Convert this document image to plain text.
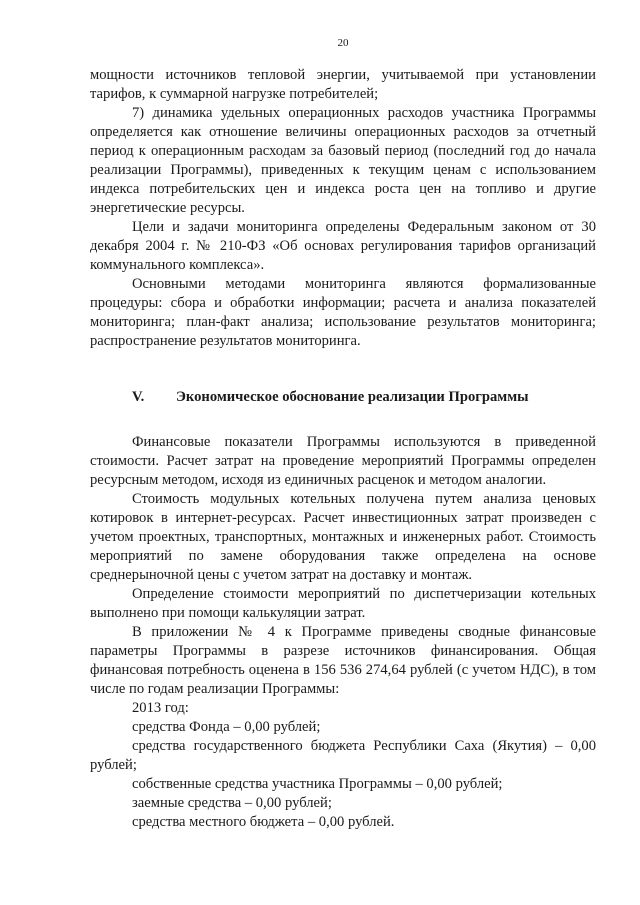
20

мощности источников тепловой энергии, учитываемой при установлении тарифов, к суммарной нагрузке потребителей;

7) динамика удельных операционных расходов участника Программы определяется как отношение величины операционных расходов за отчетный период к операционным расходам за базовый период (последний год до начала реализации Программы), приведенных к текущим ценам с использованием индекса потребительских цен и индекса роста цен на топливо и другие энергетические ресурсы.

Цели и задачи мониторинга определены Федеральным законом от 30 декабря 2004 г. № 210-ФЗ «Об основах регулирования тарифов организаций коммунального комплекса».

Основными методами мониторинга являются формализованные процедуры: сбора и обработки информации; расчета и анализа показателей мониторинга; план-факт анализа; использование результатов мониторинга; распространение результатов мониторинга.

V.	Экономическое обоснование реализации Программы

Финансовые показатели Программы используются в приведенной стоимости. Расчет затрат на проведение мероприятий Программы определен ресурсным методом, исходя из единичных расценок и методом аналогии.

Стоимость модульных котельных получена путем анализа ценовых котировок в интернет-ресурсах. Расчет инвестиционных затрат произведен с учетом проектных, транспортных, монтажных и инженерных работ. Стоимость мероприятий по замене оборудования также определена на основе среднерыночной цены с учетом затрат на доставку и монтаж.

Определение стоимости мероприятий по диспетчеризации котельных выполнено при помощи калькуляции затрат.

В приложении № 4 к Программе приведены сводные финансовые параметры Программы в разрезе источников финансирования. Общая финансовая потребность оценена в 156 536 274,64 рублей (с учетом НДС), в том числе по годам реализации Программы:

2013 год:

средства Фонда – 0,00 рублей;

средства государственного бюджета Республики Саха (Якутия) – 0,00 рублей;

собственные средства участника Программы – 0,00 рублей;

заемные средства – 0,00 рублей;

средства местного бюджета – 0,00 рублей.
